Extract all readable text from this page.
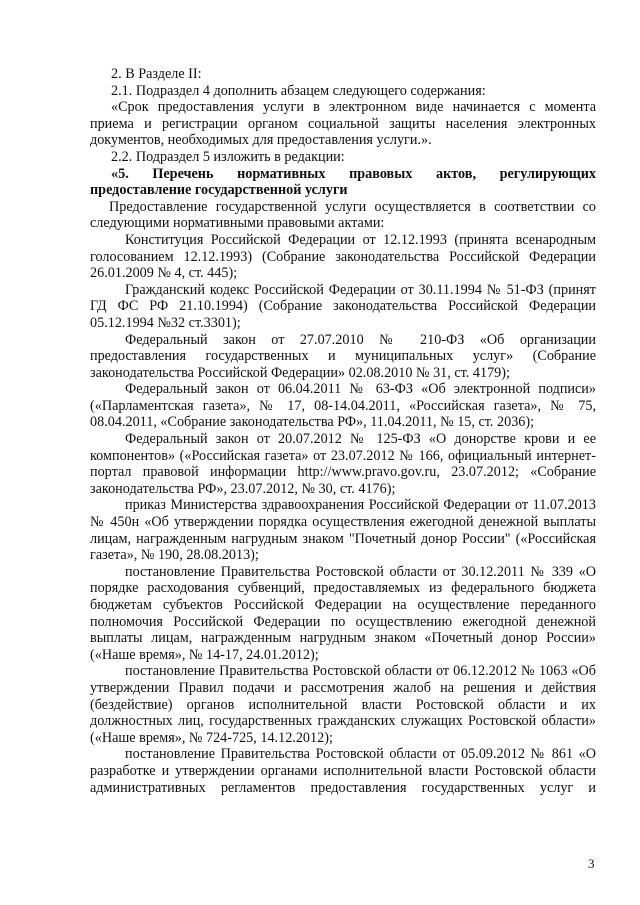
2. В Разделе II:

2.1. Подраздел 4 дополнить абзацем следующего содержания:

«Срок предоставления услуги в электронном виде начинается с момента приема и регистрации органом социальной защиты населения электронных документов, необходимых для предоставления услуги.».

2.2. Подраздел 5 изложить в редакции:

«5. Перечень нормативных правовых актов, регулирующих предоставление государственной услуги

Предоставление государственной услуги осуществляется в соответствии со следующими нормативными правовыми актами:

Конституция Российской Федерации от 12.12.1993 (принята всенародным голосованием 12.12.1993) (Собрание законодательства Российской Федерации 26.01.2009 № 4, ст. 445);

Гражданский кодекс Российской Федерации от 30.11.1994 № 51-ФЗ (принят ГД ФС РФ 21.10.1994) (Собрание законодательства Российской Федерации 05.12.1994 №32 ст.3301);

Федеральный закон от 27.07.2010 № 210-ФЗ «Об организации предоставления государственных и муниципальных услуг» (Собрание законодательства Российской Федерации» 02.08.2010 № 31, ст. 4179);

Федеральный закон от 06.04.2011 № 63-ФЗ «Об электронной подписи» («Парламентская газета», № 17, 08-14.04.2011, «Российская газета», № 75, 08.04.2011, «Собрание законодательства РФ», 11.04.2011, № 15, ст. 2036);

Федеральный закон от 20.07.2012 № 125-ФЗ «О донорстве крови и ее компонентов» («Российская газета» от 23.07.2012 № 166, официальный интернет-портал правовой информации http://www.pravo.gov.ru, 23.07.2012; «Собрание законодательства РФ», 23.07.2012, № 30, ст. 4176);

приказ Министерства здравоохранения Российской Федерации от 11.07.2013 № 450н «Об утверждении порядка осуществления ежегодной денежной выплаты лицам, награжденным нагрудным знаком "Почетный донор России" («Российская газета», № 190, 28.08.2013);

постановление Правительства Ростовской области от 30.12.2011 № 339 «О порядке расходования субвенций, предоставляемых из федерального бюджета бюджетам субъектов Российской Федерации на осуществление переданного полномочия Российской Федерации по осуществлению ежегодной денежной выплаты лицам, награжденным нагрудным знаком «Почетный донор России» («Наше время», № 14-17, 24.01.2012);

постановление Правительства Ростовской области от 06.12.2012 № 1063 «Об утверждении Правил подачи и рассмотрения жалоб на решения и действия (бездействие) органов исполнительной власти Ростовской области и их должностных лиц, государственных гражданских служащих Ростовской области» («Наше время», № 724-725, 14.12.2012);

постановление Правительства Ростовской области от 05.09.2012 № 861 «О разработке и утверждении органами исполнительной власти Ростовской области административных регламентов предоставления государственных услуг и

3
